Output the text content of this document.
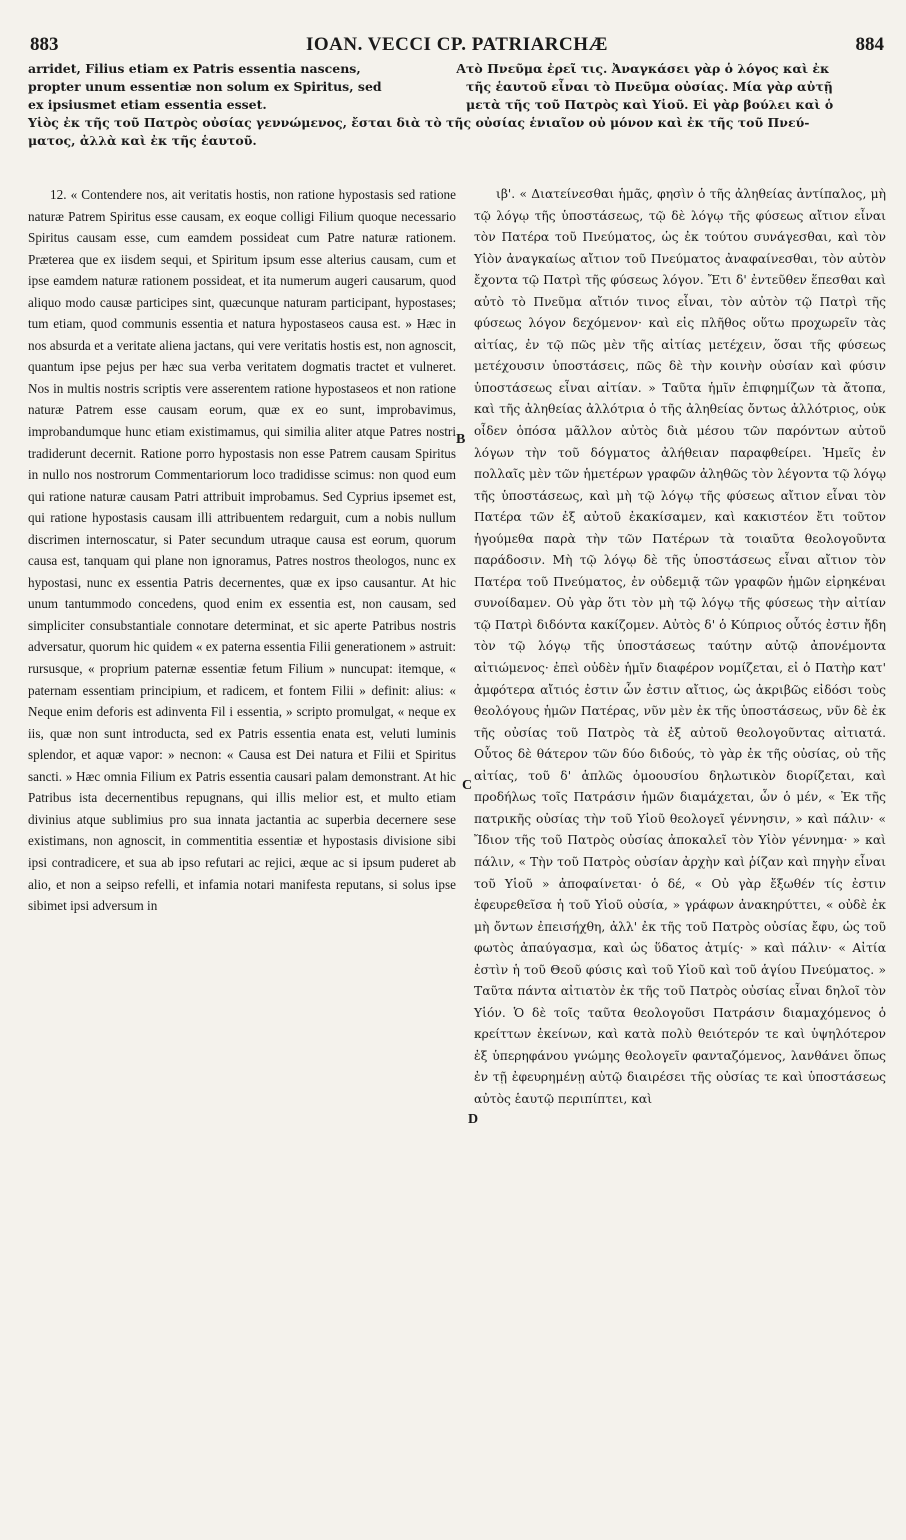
883	IOAN. VECCI CP. PATRIARCHÆ	884
arridet, Filius etiam ex Patris essentia nascens,	τὸ Πνεῦμα ἐρεῖ τις. Ἀναγκάσει γὰρ ὁ λόγος καὶ ἐκ
propter unum essentiæ non solum ex Spiritus, sed	τῆς ἑαυτοῦ εἶναι τὸ Πνεῦμα οὐσίας. Μία γὰρ αὐτῇ
ex ipsiusmet etiam essentia esset.	μετὰ τῆς τοῦ Πατρὸς καὶ Υἱοῦ. Εἰ γὰρ βούλει καὶ ὁ
Υἱὸς ἐκ τῆς τοῦ Πατρὸς οὐσίας γεννώμενος, ἔσται διὰ τὸ τῆς οὐσίας ἑνιαῖον οὐ μόνον καὶ ἐκ τῆς τοῦ Πνεύ-
ματος, ἀλλὰ καὶ ἐκ τῆς ἑαυτοῦ.
A
B
C
D

12. « Contendere nos, ait veritatis hostis, non ratione hypostasis sed ratione naturæ Patrem Spiritus esse causam, ex eoque colligi Filium quoque necessario Spiritus causam esse, cum eamdem possideat cum Patre naturæ rationem. Præterea que ex iisdem sequi, et Spiritum ipsum esse alterius causam, cum et ipse eamdem naturæ rationem possideat, et ita numerum augeri causarum, quod aliquo modo causæ participes sint, quæcunque naturam participant, hypostases; tum etiam, quod communis essentia et natura hypostaseos causa est. » Hæc in nos absurda et a veritate aliena jactans, qui vere veritatis hostis est, non agnoscit, quantum ipse pejus per hæc sua verba veritatem dogmatis tractet et vulneret. Nos in multis nostris scriptis vere asserentem ratione hypostaseos et non ratione naturæ Patrem esse causam eorum, quæ ex eo sunt, improbavimus, improbandumque hunc etiam existimamus, qui similia aliter atque Patres nostri tradiderunt decernit. Ratione porro hypostasis non esse Patrem causam Spiritus in nullo nos nostrorum Commentariorum loco tradidisse scimus: non quod eum qui ratione naturæ causam Patri attribuit improbamus. Sed Cyprius ipsemet est, qui ratione hypostasis causam illi attribuentem redarguit, cum a nobis nullum discrimen internoscatur, si Pater secundum utraque causa est eorum, quorum causa est, tanquam qui plane non ignoramus, Patres nostros theologos, nunc ex hypostasi, nunc ex essentia Patris decernentes, quæ ex ipso causantur. At hic unum tantummodo concedens, quod enim ex essentia est, non causam, sed simpliciter consubstantiale connotare determinat, et sic aperte Patribus nostris adversatur, quorum hic quidem « ex paterna essentia Filii generationem » astruit: rursusque, « proprium paternæ essentiæ fetum Filium » nuncupat: itemque, « paternam essentiam principium, et radicem, et fontem Filii » definit: alius: « Neque enim deforis est adinventa Fil i essentia, » scripto promulgat, « neque ex iis, quæ non sunt introducta, sed ex Patris essentia enata est, veluti luminis splendor, et aquæ vapor: » necnon: « Causa est Dei natura et Filii et Spiritus sancti. » Hæc omnia Filium ex Patris essentia causari palam demonstrant. At hic Patribus ista decernentibus repugnans, qui illis melior est, et multo etiam divinius atque sublimius pro sua innata jactantia ac superbia decernere sese existimans, non agnoscit, in commentitia essentiæ et hypostasis divisione sibi ipsi contradicere, et sua ab ipso refutari ac rejici, æque ac si ipsum puderet ab alio, et non a seipso refelli, et infamia notari manifesta reputans, si solus ipse sibimet ipsi adversum in

ιβ'. « Διατείνεσθαι ἡμᾶς, φησὶν ὁ τῆς ἀληθείας ἀντίπαλος, μὴ τῷ λόγῳ τῆς ὑποστάσεως, τῷ δὲ λόγῳ τῆς φύσεως αἴτιον εἶναι τὸν Πατέρα τοῦ Πνεύματος, ὡς ἐκ τούτου συνάγεσθαι, καὶ τὸν Υἱὸν ἀναγκαίως αἴτιον τοῦ Πνεύματος ἀναφαίνεσθαι, τὸν αὐτὸν ἔχοντα τῷ Πατρὶ τῆς φύσεως λόγον. Ἔτι δ' ἐντεῦθεν ἕπεσθαι καὶ αὐτὸ τὸ Πνεῦμα αἴτιόν τινος εἶναι, τὸν αὐτὸν τῷ Πατρὶ τῆς φύσεως λόγον δεχόμενον· καὶ εἰς πλῆθος οὕτω προχωρεῖν τὰς αἰτίας, ἐν τῷ πῶς μὲν τῆς αἰτίας μετέχειν, ὅσαι τῆς φύσεως μετέχουσιν ὑποστάσεις, πῶς δὲ τὴν κοινὴν οὐσίαν καὶ φύσιν ὑποστάσεως εἶναι αἰτίαν. » Ταῦτα ἡμῖν ἐπιφημίζων τὰ ἄτοπα, καὶ τῆς ἀληθείας ἀλλότρια ὁ τῆς ἀληθείας ὄντως ἀλλότριος, οὐκ οἶδεν ὁπόσα μᾶλλον αὐτὸς διὰ μέσου τῶν παρόντων αὐτοῦ λόγων τὴν τοῦ δόγματος ἀλήθειαν παραφθείρει. Ἡμεῖς ἐν πολλαῖς μὲν τῶν ἡμετέρων γραφῶν ἀληθῶς τὸν λέγοντα τῷ λόγῳ τῆς ὑποστάσεως, καὶ μὴ τῷ λόγῳ τῆς φύσεως αἴτιον εἶναι τὸν Πατέρα τῶν ἐξ αὐτοῦ ἐκακίσαμεν, καὶ κακιστέον ἔτι τοῦτον ἡγούμεθα παρὰ τὴν τῶν Πατέρων τὰ τοιαῦτα θεολογοῦντα παράδοσιν. Μὴ τῷ λόγῳ δὲ τῆς ὑποστάσεως εἶναι αἴτιον τὸν Πατέρα τοῦ Πνεύματος, ἐν οὐδεμιᾷ τῶν γραφῶν ἡμῶν εἰρηκέναι συνοίδαμεν. Οὐ γὰρ ὅτι τὸν μὴ τῷ λόγῳ τῆς φύσεως τὴν αἰτίαν τῷ Πατρὶ διδόντα κακίζομεν. Αὐτὸς δ' ὁ Κύπριος οὗτός ἐστιν ἤδη τὸν τῷ λόγῳ τῆς ὑποστάσεως ταύτην αὐτῷ ἀπονέμοντα αἰτιώμενος· ἐπεὶ οὐδὲν ἡμῖν διαφέρον νομίζεται, εἰ ὁ Πατὴρ κατ' ἀμφότερα αἴτιός ἐστιν ὧν ἐστιν αἴτιος, ὡς ἀκριβῶς εἰδόσι τοὺς θεολόγους ἡμῶν Πατέρας, νῦν μὲν ἐκ τῆς ὑποστάσεως, νῦν δὲ ἐκ τῆς οὐσίας τοῦ Πατρὸς τὰ ἐξ αὐτοῦ θεολογοῦντας αἰτιατά. Οὗτος δὲ θάτερον τῶν δύο διδούς, τὸ γὰρ ἐκ τῆς οὐσίας, οὐ τῆς αἰτίας, τοῦ δ' ἁπλῶς ὁμοουσίου δηλωτικὸν διορίζεται, καὶ προδήλως τοῖς Πατράσιν ἡμῶν διαμάχεται, ὧν ὁ μέν, « Ἐκ τῆς πατρικῆς οὐσίας τὴν τοῦ Υἱοῦ θεολογεῖ γέννησιν, » καὶ πάλιν· « Ἴδιον τῆς τοῦ Πατρὸς οὐσίας ἀποκαλεῖ τὸν Υἱὸν γέννημα· » καὶ πάλιν, « Τὴν τοῦ Πατρὸς οὐσίαν ἀρχὴν καὶ ῥίζαν καὶ πηγὴν εἶναι τοῦ Υἱοῦ » ἀποφαίνεται· ὁ δέ, « Οὐ γὰρ ἔξωθέν τίς ἐστιν ἐφευρεθεῖσα ἡ τοῦ Υἱοῦ οὐσία, » γράφων ἀνακηρύττει, « οὐδὲ ἐκ μὴ ὄντων ἐπεισήχθη, ἀλλ' ἐκ τῆς τοῦ Πατρὸς οὐσίας ἔφυ, ὡς τοῦ φωτὸς ἀπαύγασμα, καὶ ὡς ὕδατος ἀτμίς· » καὶ πάλιν· « Αἰτία ἐστὶν ἡ τοῦ Θεοῦ φύσις καὶ τοῦ Υἱοῦ καὶ τοῦ ἁγίου Πνεύματος. » Ταῦτα πάντα αἰτιατὸν ἐκ τῆς τοῦ Πατρὸς οὐσίας εἶναι δηλοῖ τὸν Υἱόν. Ὁ δὲ τοῖς ταῦτα θεολογοῦσι Πατράσιν διαμαχόμενος ὁ κρείττων ἐκείνων, καὶ κατὰ πολὺ θειότερόν τε καὶ ὑψηλότερον ἐξ ὑπερηφάνου γνώμης θεολογεῖν φανταζόμενος, λανθάνει ὅπως ἐν τῇ ἐφευρημένῃ αὐτῷ διαιρέσει τῆς οὐσίας τε καὶ ὑποστάσεως αὐτὸς ἑαυτῷ περιπίπτει, καὶ
